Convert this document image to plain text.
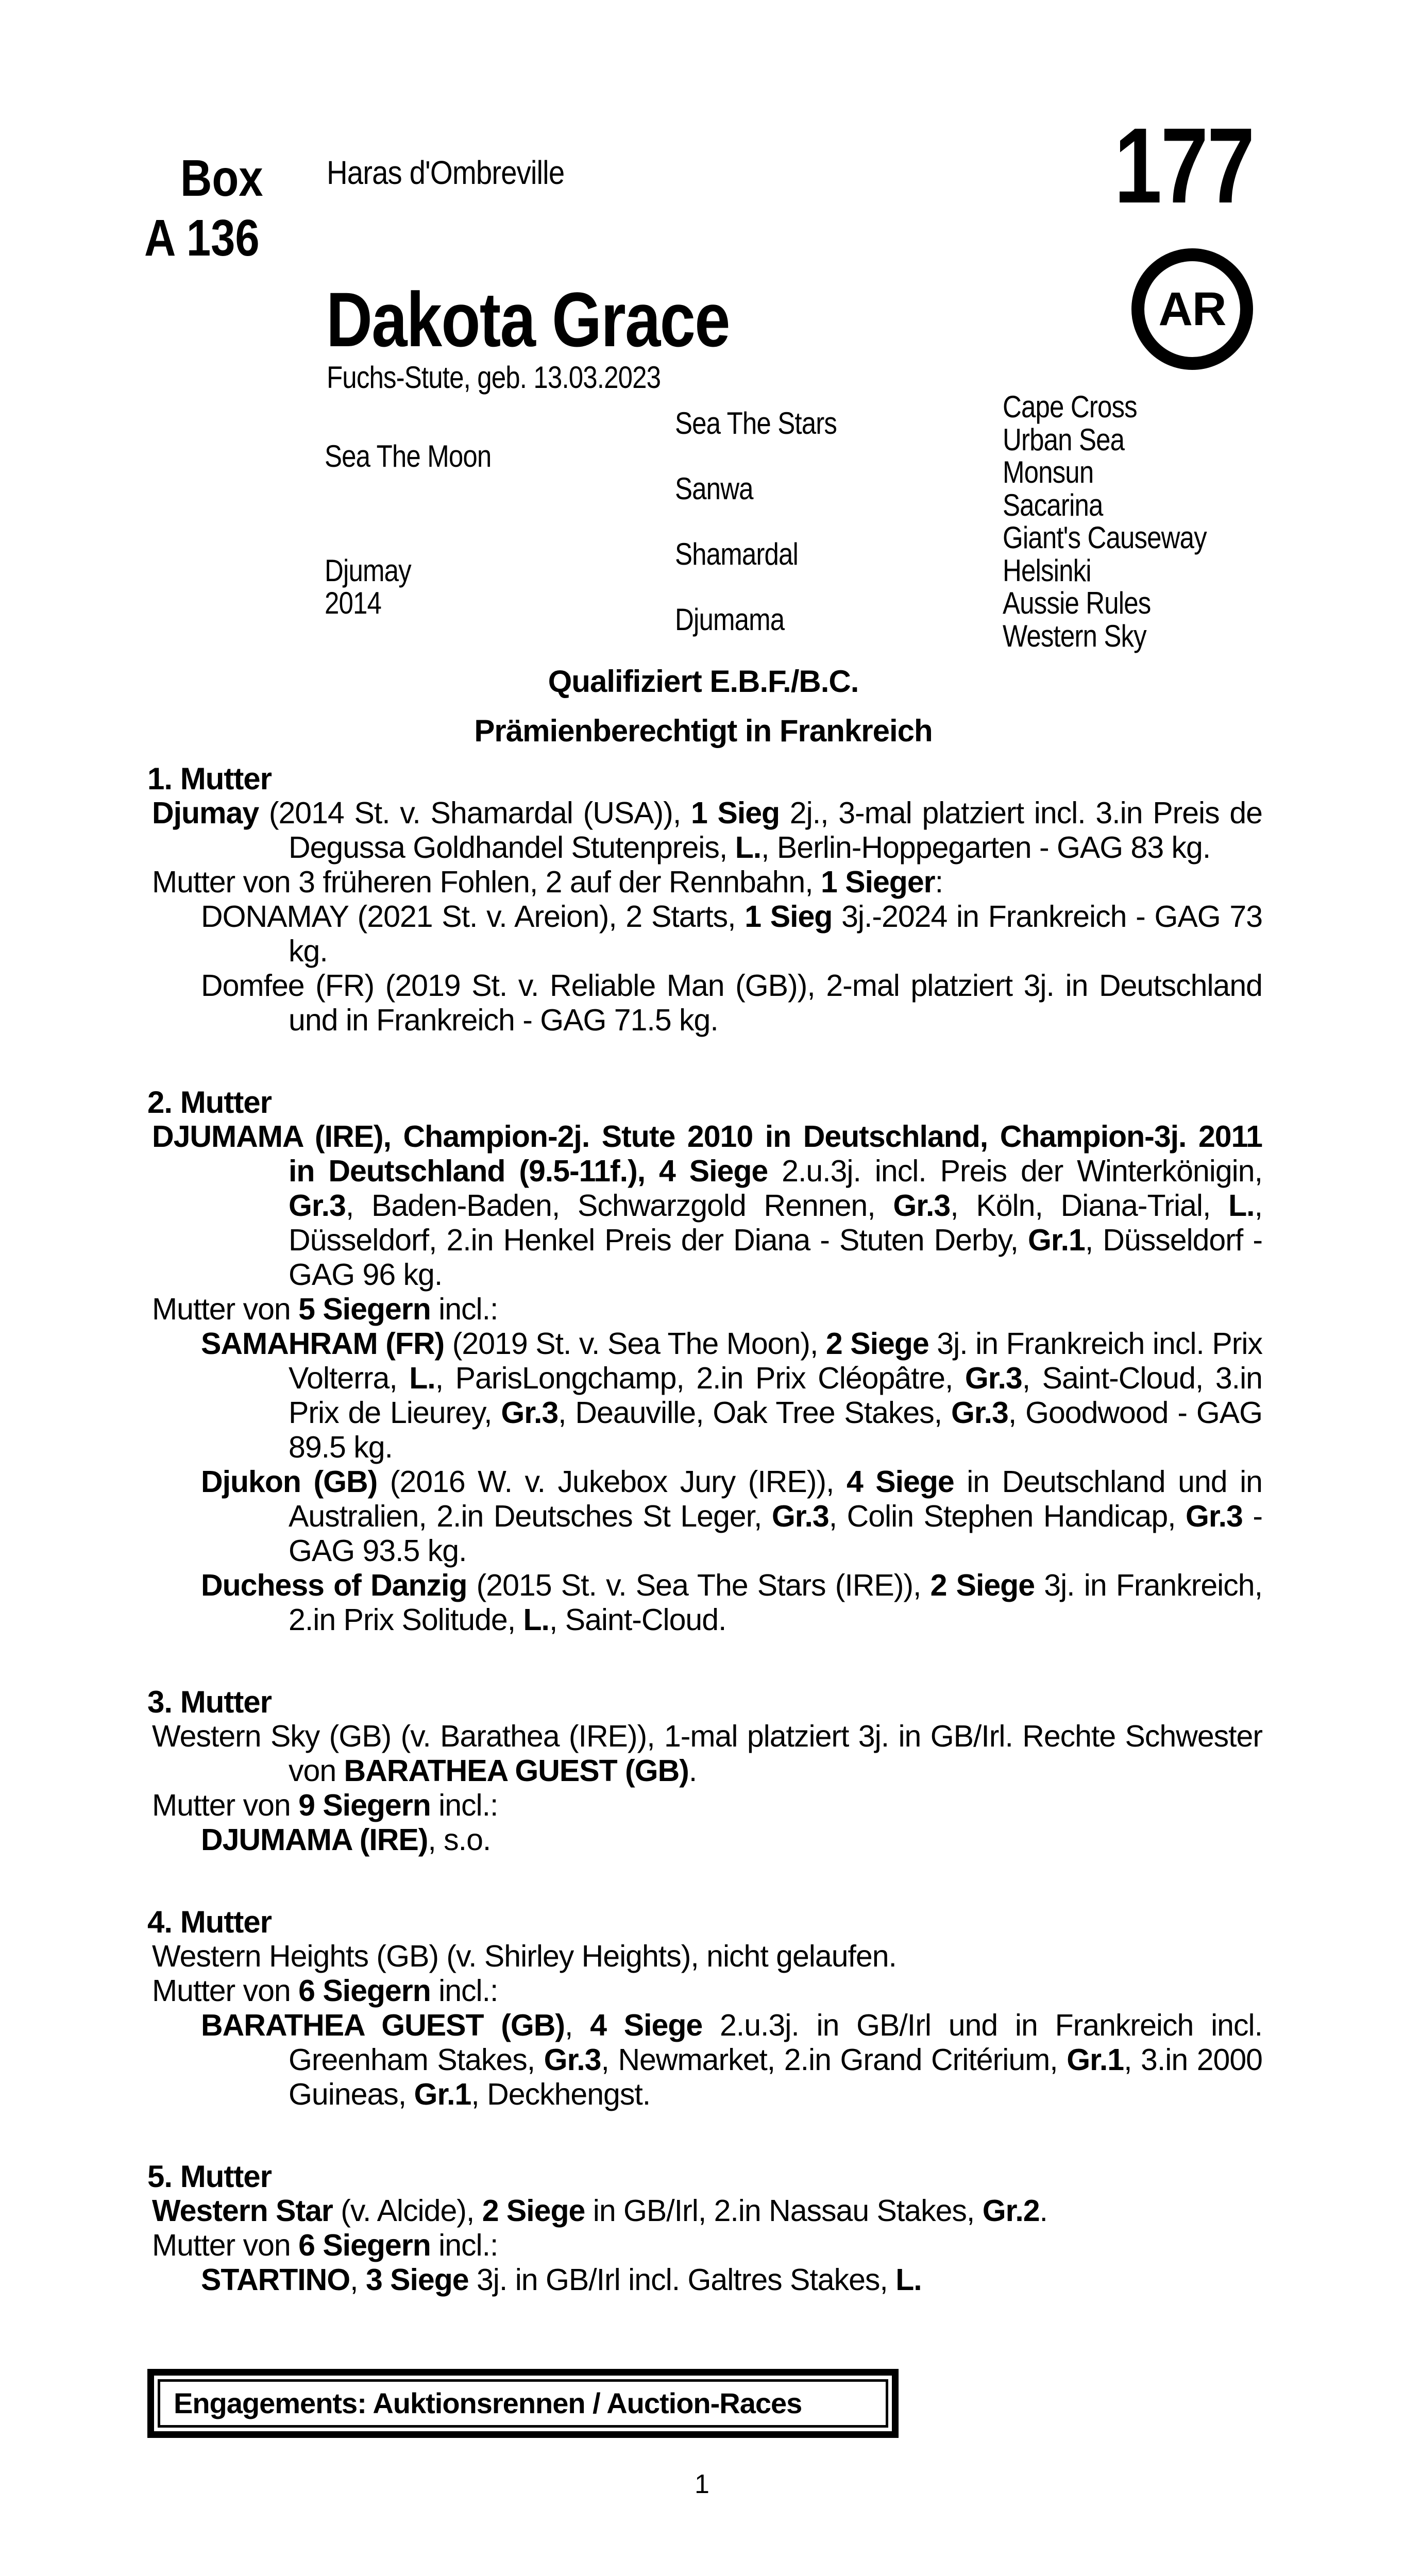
Box
A 136
Haras d'Ombreville	177
Dakota Grace	AR
Fuchs-Stute, geb. 13.03.2023
Sea The Moon
Djumay
2014
Sea The Stars
Sanwa
Shamardal
Djumama
Cape Cross
Urban Sea
Monsun
Sacarina
Giant's Causeway
Helsinki
Aussie Rules
Western Sky
Qualifiziert E.B.F./B.C.
Prämienberechtigt in Frankreich
1. Mutter

Djumay (2014 St. v. Shamardal (USA)), 1 Sieg 2j., 3-mal platziert incl. 3.in Preis de Degussa Goldhandel Stutenpreis, L., Berlin-Hoppegarten - GAG 83 kg.

Mutter von 3 früheren Fohlen, 2 auf der Rennbahn, 1 Sieger:

DONAMAY (2021 St. v. Areion), 2 Starts, 1 Sieg 3j.-2024 in Frankreich - GAG 73 kg.

Domfee (FR) (2019 St. v. Reliable Man (GB)), 2-mal platziert 3j. in Deutschland und in Frankreich - GAG 71.5 kg.

2. Mutter

DJUMAMA (IRE), Champion-2j. Stute 2010 in Deutschland, Champion-3j. 2011 in Deutschland (9.5-11f.), 4 Siege 2.u.3j. incl. Preis der Winterkönigin, Gr.3, Baden-Baden, Schwarzgold Rennen, Gr.3, Köln, Diana-Trial, L., Düsseldorf, 2.in Henkel Preis der Diana - Stuten Derby, Gr.1, Düsseldorf - GAG 96 kg.

Mutter von 5 Siegern incl.:

SAMAHRAM (FR) (2019 St. v. Sea The Moon), 2 Siege 3j. in Frankreich incl. Prix Volterra, L., ParisLongchamp, 2.in Prix Cléopâtre, Gr.3, Saint-Cloud, 3.in Prix de Lieurey, Gr.3, Deauville, Oak Tree Stakes, Gr.3, Goodwood - GAG 89.5 kg.

Djukon (GB) (2016 W. v. Jukebox Jury (IRE)), 4 Siege in Deutschland und in Australien, 2.in Deutsches St Leger, Gr.3, Colin Stephen Handicap, Gr.3 - GAG 93.5 kg.

Duchess of Danzig (2015 St. v. Sea The Stars (IRE)), 2 Siege 3j. in Frankreich, 2.in Prix Solitude, L., Saint-Cloud.

3. Mutter

Western Sky (GB) (v. Barathea (IRE)), 1-mal platziert 3j. in GB/Irl. Rechte Schwester von BARATHEA GUEST (GB).

Mutter von 9 Siegern incl.:

DJUMAMA (IRE), s.o.

4. Mutter

Western Heights (GB) (v. Shirley Heights), nicht gelaufen.

Mutter von 6 Siegern incl.:

BARATHEA GUEST (GB), 4 Siege 2.u.3j. in GB/Irl und in Frankreich incl. Greenham Stakes, Gr.3, Newmarket, 2.in Grand Critérium, Gr.1, 3.in 2000 Guineas, Gr.1, Deckhengst.

5. Mutter

Western Star (v. Alcide), 2 Siege in GB/Irl, 2.in Nassau Stakes, Gr.2.

Mutter von 6 Siegern incl.:

STARTINO, 3 Siege 3j. in GB/Irl incl. Galtres Stakes, L.

Engagements: Auktionsrennen / Auction-Races
1
